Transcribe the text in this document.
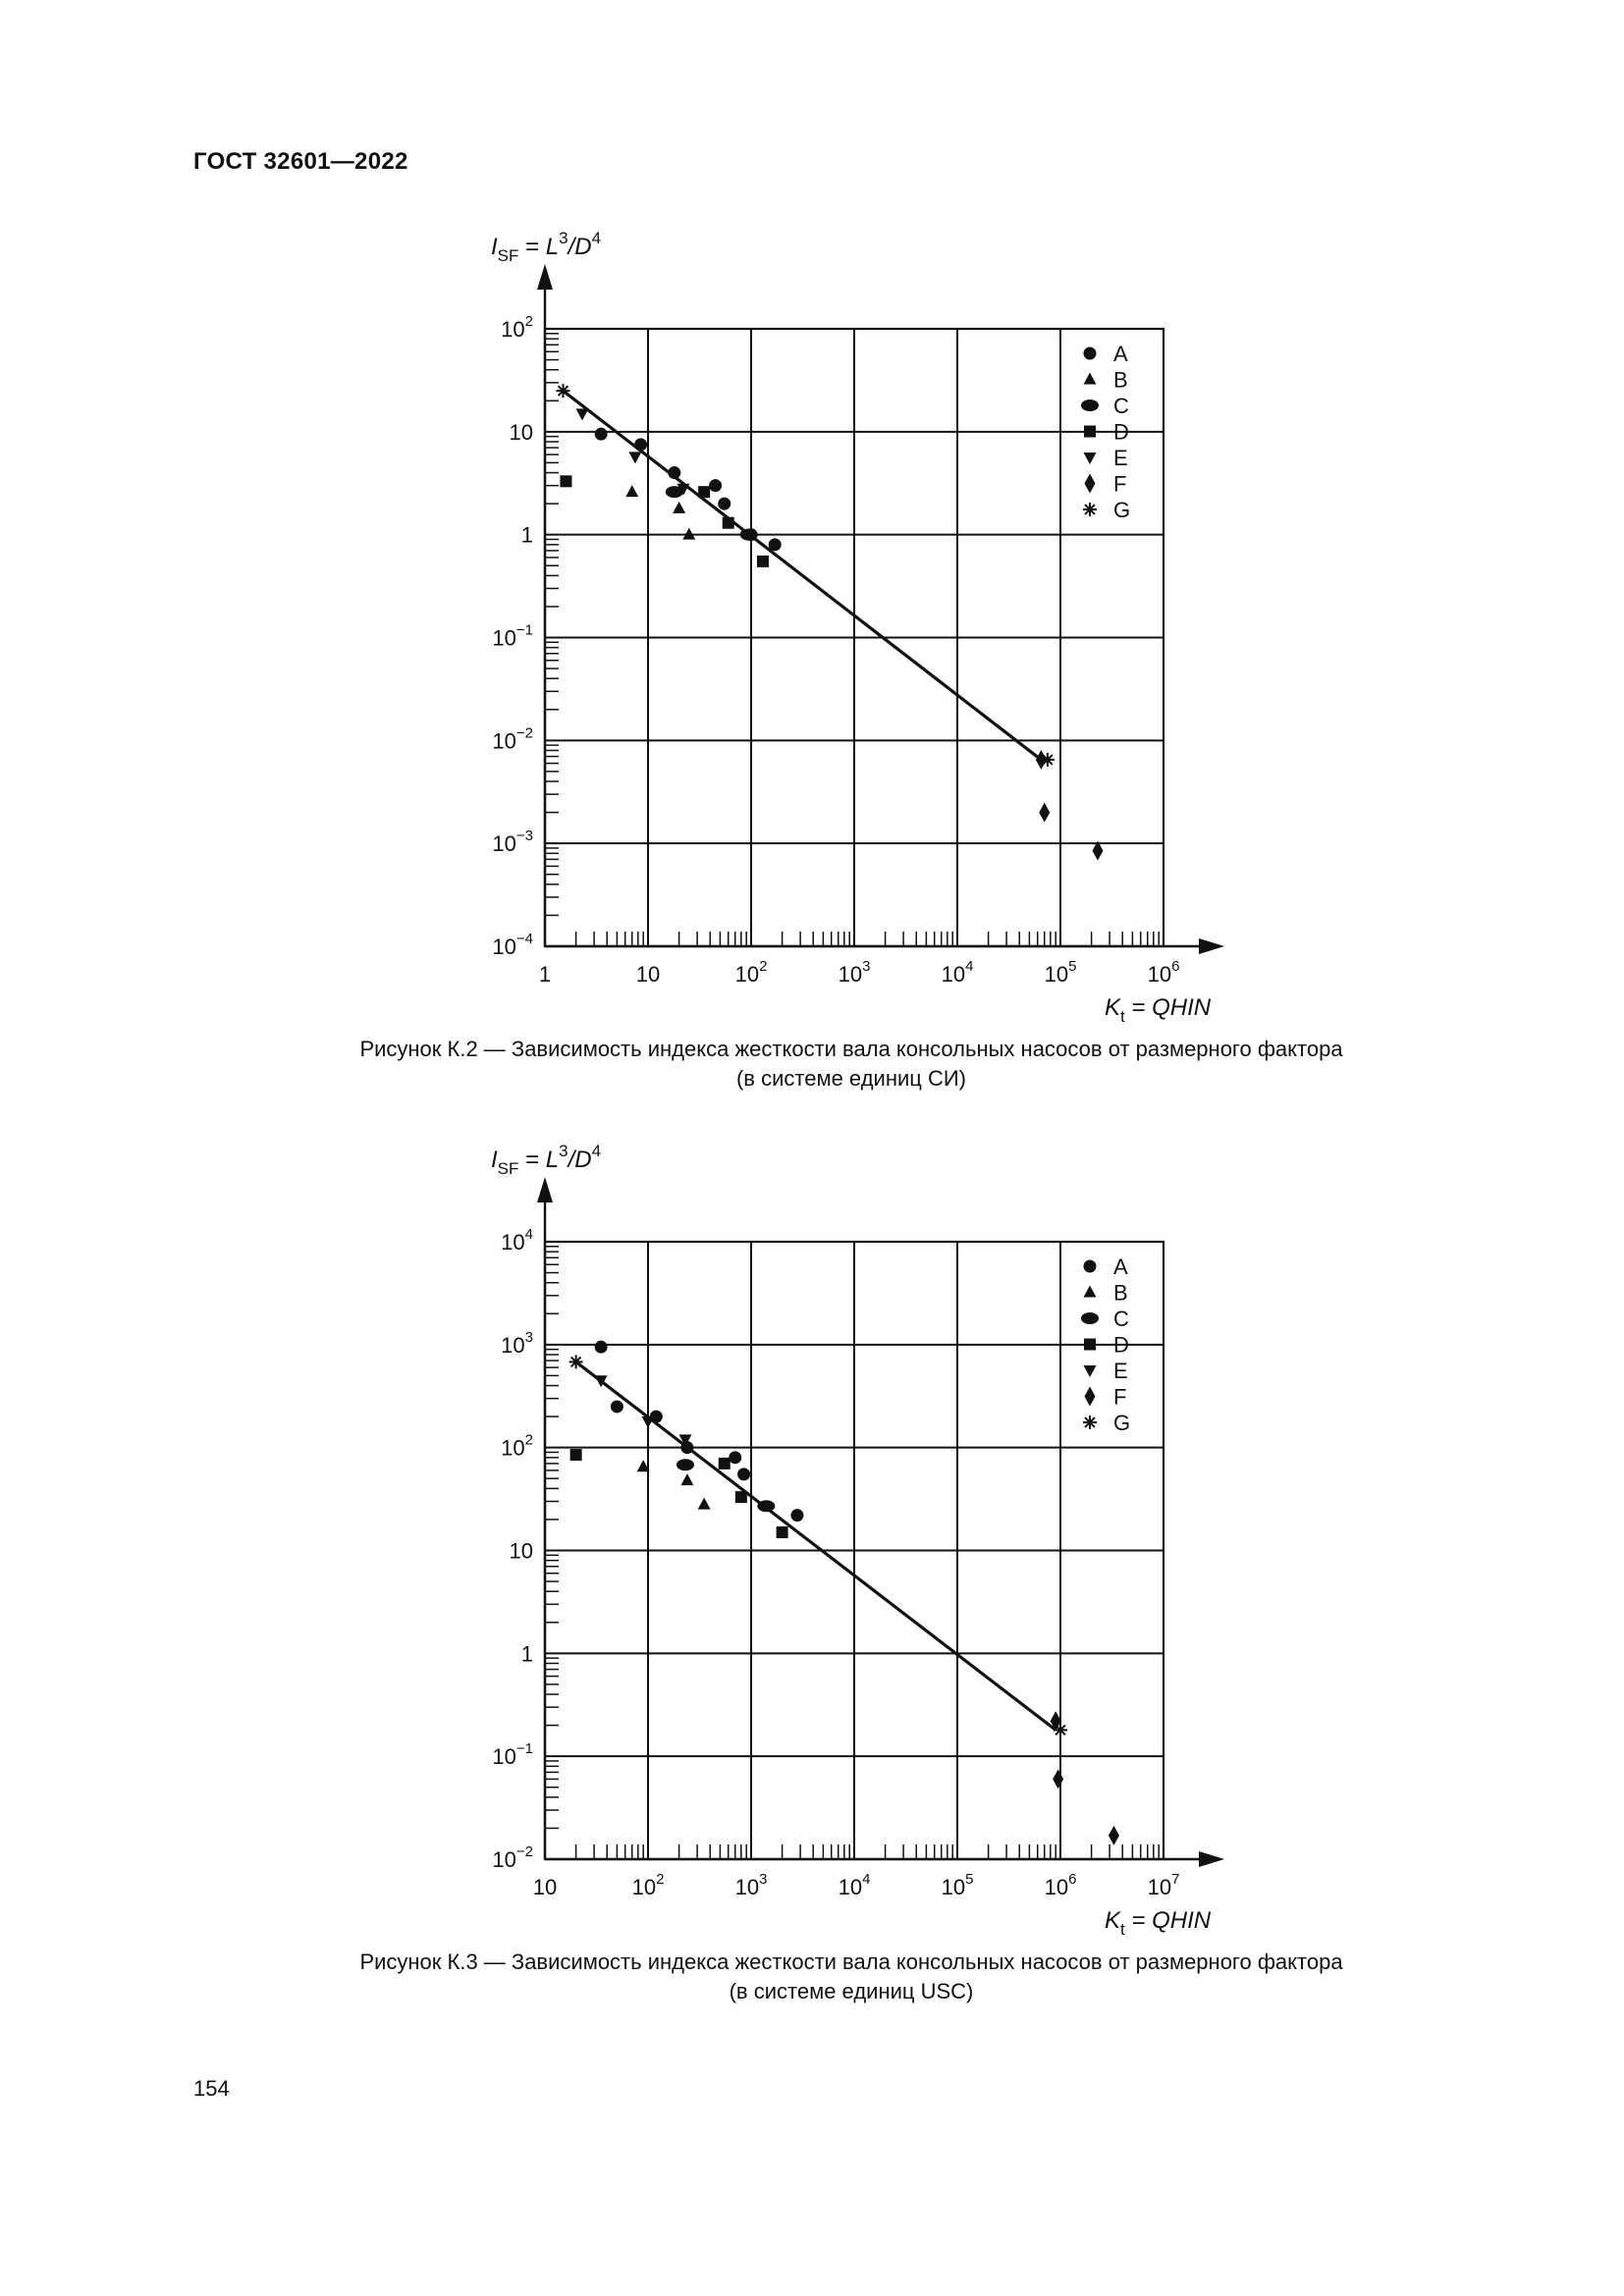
ГОСТ 32601—2022
$10^{-4}$
$10^{-3}$
$10^{-2}$
$10^{-1}$
1
10
$10^2$
1	10	$10^2$	$10^3$	$10^4$	$10^5$	$10^6$
$I_{SF} = L^3/D^4$
$K_t$ = QHIN
A
B
C
D
E
F
G
Рисунок К.2 — Зависимость индекса жесткости вала консольных насосов от размерного фактора
(в системе единиц СИ)
$10^{-2}$
$10^{-1}$
1
10
$10^2$
$10^3$
$10^4$
10	$10^2$	$10^3$	$10^4$	$10^5$	$10^6$	$10^7$
$I_{SF} = L^3/D^4$
$K_t$ = QHIN
A
B
C
D
E
F
G
Рисунок К.3 — Зависимость индекса жесткости вала консольных насосов от размерного фактора
(в системе единиц USC)
154
